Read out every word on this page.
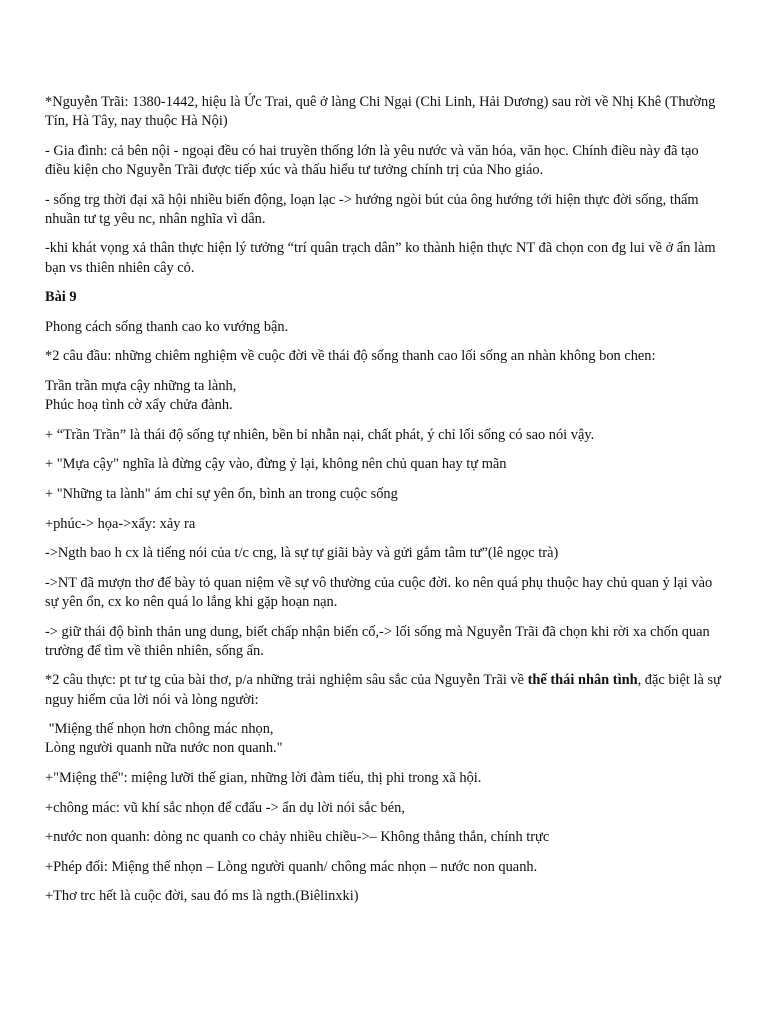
*Nguyễn Trãi: 1380-1442, hiệu là Ức Trai, quê ở làng Chi Ngại (Chi Linh, Hải Dương) sau rời về Nhị Khê (Thường Tín, Hà Tây, nay thuộc Hà Nội)

- Gia đình: cả bên nội - ngoại đều có hai truyền thống lớn là yêu nước và văn hóa, văn học. Chính điều này đã tạo điều kiện cho Nguyễn Trãi được tiếp xúc và thấu hiểu tư tưởng chính trị của Nho giáo.

- sống trg thời đại xã hội nhiều biến động, loạn lạc -> hướng ngòi bút của ông hướng tới hiện thực đời sống, thấm nhuần tư tg yêu nc, nhân nghĩa vì dân.

-khi khát vọng xả thân thực hiện lý tưởng “trí quân trạch dân” ko thành hiện thực NT đã chọn con đg lui về ở ẩn làm bạn vs thiên nhiên cây cỏ.

Bài 9

Phong cách sống thanh cao ko vướng bận.

*2 câu đầu: những chiêm nghiệm về cuộc đời về thái độ sống thanh cao lối sống an nhàn không bon chen:

Trần trần mựa cậy những ta lành,
Phúc hoạ tình cờ xẩy chửa đành.

+ “Trần Trần” là thái độ sống tự nhiên, bền bỉ nhẫn nại, chất phát, ý chỉ lối sống có sao nói vậy.

+ "Mựa cậy" nghĩa là đừng cậy vào, đừng ỷ lại, không nên chủ quan hay tự mãn

+ "Những ta lành" ám chỉ sự yên ổn, bình an trong cuộc sống

+phúc-> họa->xẩy: xảy ra

->Ngth bao h cx là tiếng nói của t/c cng, là sự tự giãi bày và gửi gắm tâm tư”(lê ngọc trà)

->NT đã mượn thơ để bày tỏ quan niệm về sự vô thường của cuộc đời. ko nên quá phụ thuộc hay chủ quan ỷ lại vào sự yên ổn, cx ko nên quá lo lắng khi gặp hoạn nạn.

-> giữ thái độ bình thản ung dung, biết chấp nhận biến cố,-> lối sống mà Nguyễn Trãi đã chọn khi rời xa chốn quan trường để tìm về thiên nhiên, sống ẩn.

*2 câu thực: pt tư tg của bài thơ, p/a những trải nghiệm sâu sắc của Nguyễn Trãi về thế thái nhân tình, đặc biệt là sự nguy hiểm của lời nói và lòng người:

"Miệng thế nhọn hơn chông mác nhọn,
Lòng người quanh nữa nước non quanh."

+"Miệng thế": miệng lưỡi thế gian, những lời đàm tiếu, thị phi trong xã hội.

+chông mác: vũ khí sắc nhọn để cđấu -> ẩn dụ lời nói sắc bén,

+nước non quanh: dòng nc quanh co chảy nhiều chiều->– Không thẳng thắn, chính trực

+Phép đối: Miệng thế nhọn – Lòng người quanh/ chông mác nhọn – nước non quanh.

+Thơ trc hết là cuộc đời, sau đó ms là ngth.(Biêlinxki)
